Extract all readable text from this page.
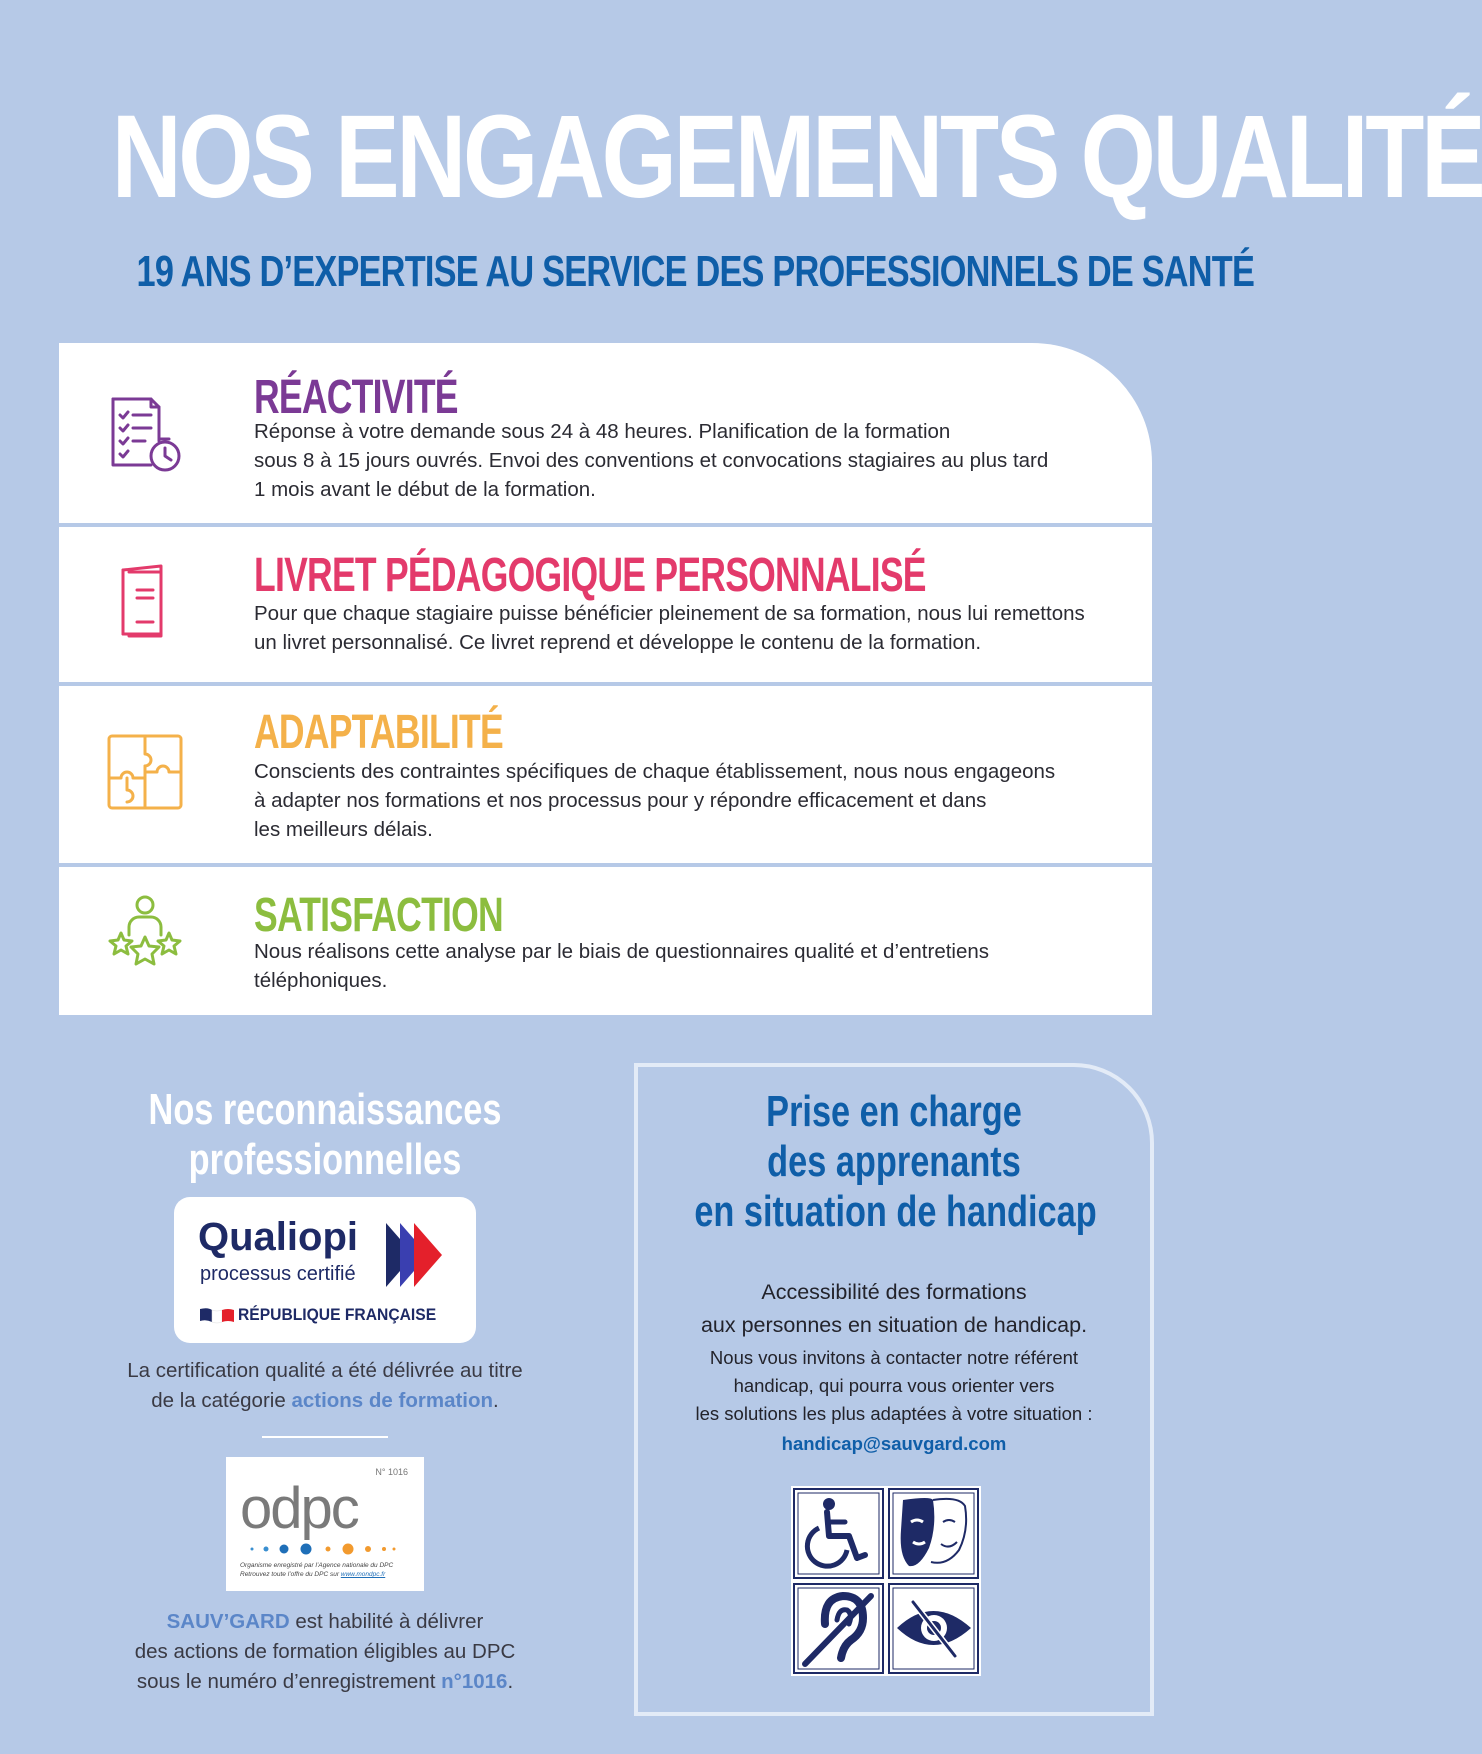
NOS ENGAGEMENTS QUALITÉ
19 ANS D’EXPERTISE AU SERVICE DES PROFESSIONNELS DE SANTÉ
RÉACTIVITÉ
Réponse à votre demande sous 24 à 48 heures. Planification de la formation
sous 8 à 15 jours ouvrés. Envoi des conventions et convocations stagiaires au plus tard
1 mois avant le début de la formation.
LIVRET PÉDAGOGIQUE PERSONNALISÉ
Pour que chaque stagiaire puisse bénéficier pleinement de sa formation, nous lui remettons
un livret personnalisé. Ce livret reprend et développe le contenu de la formation.
ADAPTABILITÉ
Conscients des contraintes spécifiques de chaque établissement, nous nous engageons
à adapter nos formations et nos processus pour y répondre efficacement et dans
les meilleurs délais.
SATISFACTION
Nous réalisons cette analyse par le biais de questionnaires qualité et d’entretiens
téléphoniques.
Nos reconnaissances
professionnelles
Qualiopi
processus certifié
RÉPUBLIQUE FRANÇAISE
La certification qualité a été délivrée au titre
de la catégorie actions de formation.
N° 1016
odpc
Organisme enregistré par l’Agence nationale du DPC
Retrouvez toute l’offre du DPC sur www.mondpc.fr
SAUV’GARD est habilité à délivrer
des actions de formation éligibles au DPC
sous le numéro d’enregistrement n°1016.
Prise en charge
des apprenants
en situation de handicap
Accessibilité des formations
aux personnes en situation de handicap.
Nous vous invitons à contacter notre référent
handicap, qui pourra vous orienter vers
les solutions les plus adaptées à votre situation :
handicap@sauvgard.com
